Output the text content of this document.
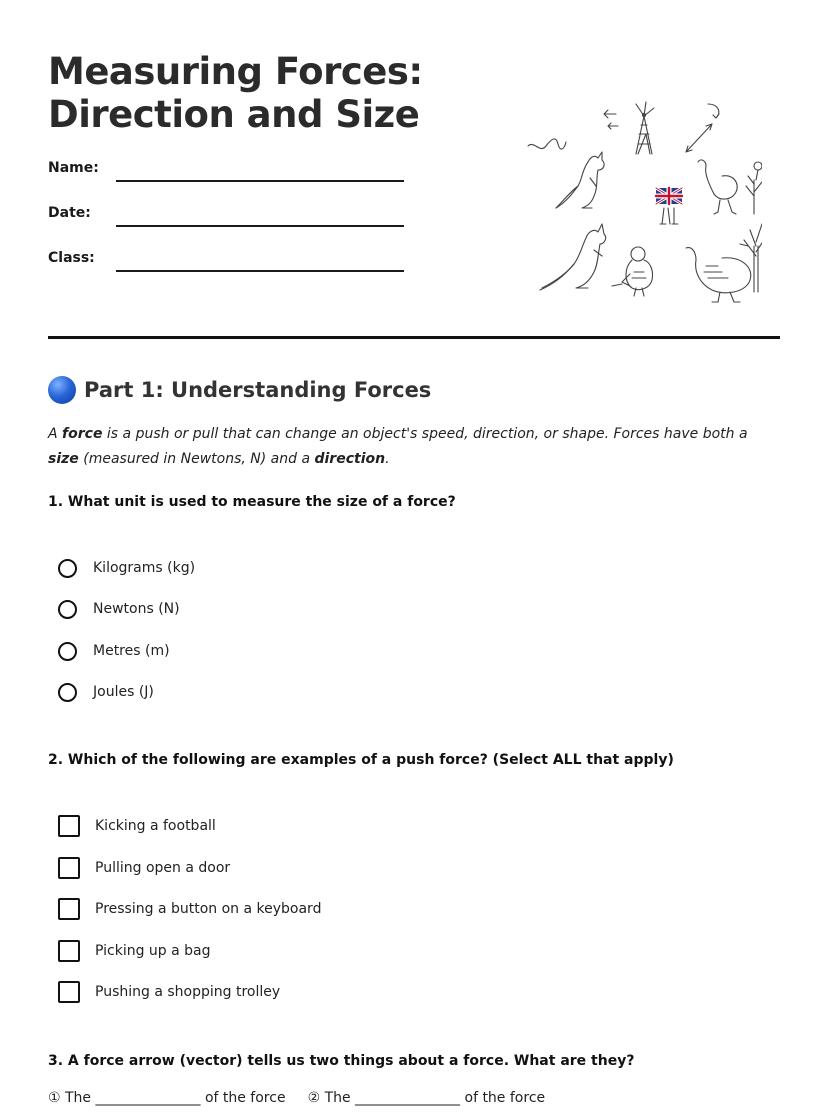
Measuring Forces:
Direction and Size
Name:
Date:
Class:
Part 1: Understanding Forces

A force is a push or pull that can change an object's speed, direction, or shape. Forces have both a size (measured in Newtons, N) and a direction.

1. What unit is used to measure the size of a force?
Kilograms (kg)
Newtons (N)
Metres (m)
Joules (J)
2. Which of the following are examples of a push force? (Select ALL that apply)
Kicking a football
Pulling open a door
Pressing a button on a keyboard
Picking up a bag
Pushing a shopping trolley
3. A force arrow (vector) tells us two things about a force. What are they?
① The _______________ of the force ② The _______________ of the force
